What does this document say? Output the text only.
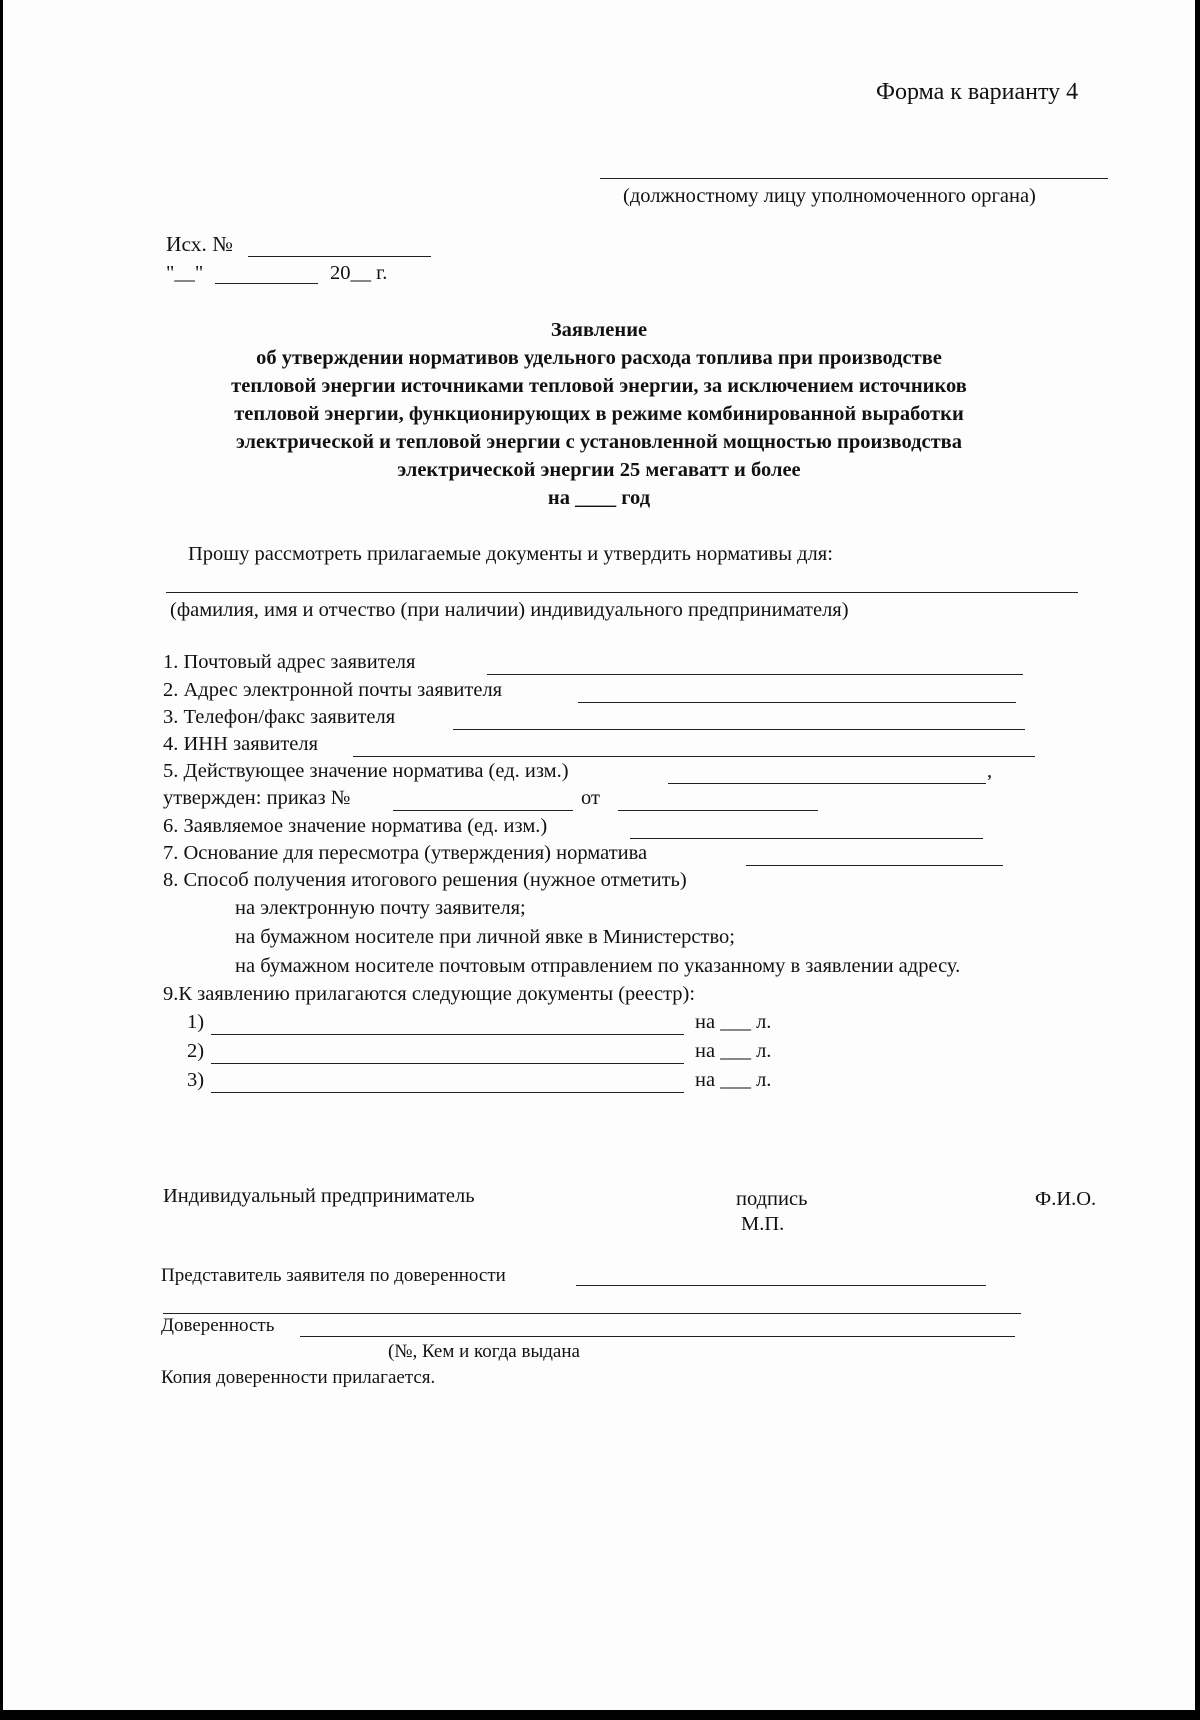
Форма к варианту 4
(должностному лицу уполномоченного органа)
Исх. №
"__"	20__ г.
Заявление
об утверждении нормативов удельного расхода топлива при производстве
тепловой энергии источниками тепловой энергии, за исключением источников
тепловой энергии, функционирующих в режиме комбинированной выработки
электрической и тепловой энергии с установленной мощностью производства
электрической энергии 25 мегаватт и более
на ____ год
Прошу рассмотреть прилагаемые документы и утвердить нормативы для:
(фамилия, имя и отчество (при наличии) индивидуального предпринимателя)
1. Почтовый адрес заявителя
2. Адрес электронной почты заявителя
3. Телефон/факс заявителя
4. ИНН заявителя
5. Действующее значение норматива (ед. изм.)	,
утвержден: приказ №	от
6. Заявляемое значение норматива (ед. изм.)
7. Основание для пересмотра (утверждения) норматива
8. Способ получения итогового решения (нужное отметить)
на электронную почту заявителя;
на бумажном носителе при личной явке в Министерство;
на бумажном носителе почтовым отправлением по указанному в заявлении адресу.
9.К заявлению прилагаются следующие документы (реестр):
1)	на ___ л.
2)	на ___ л.
3)	на ___ л.
Индивидуальный предприниматель	подпись
М.П.
Ф.И.О.
Представитель заявителя по доверенности
Доверенность
(№, Кем и когда выдана
Копия доверенности прилагается.
